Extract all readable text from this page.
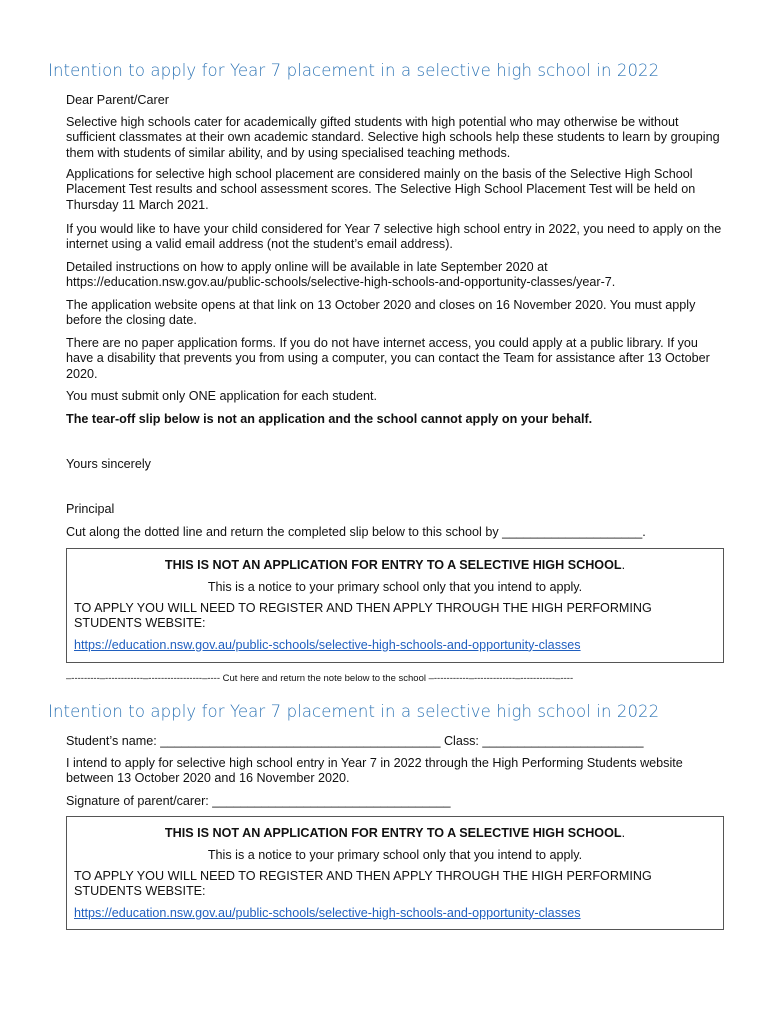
Intention to apply for Year 7 placement in a selective high school in 2022

Dear Parent/Carer

Selective high schools cater for academically gifted students with high potential who may otherwise be without sufficient classmates at their own academic standard. Selective high schools help these students to learn by grouping them with students of similar ability, and by using specialised teaching methods.

Applications for selective high school placement are considered mainly on the basis of the Selective High School Placement Test results and school assessment scores. The Selective High School Placement Test will be held on Thursday 11 March 2021.

If you would like to have your child considered for Year 7 selective high school entry in 2022, you need to apply on the internet using a valid email address (not the student’s email address).

Detailed instructions on how to apply online will be available in late September 2020 at https://education.nsw.gov.au/public-schools/selective-high-schools-and-opportunity-classes/year-7.

The application website opens at that link on 13 October 2020 and closes on 16 November 2020. You must apply before the closing date.

There are no paper application forms. If you do not have internet access, you could apply at a public library. If you have a disability that prevents you from using a computer, you can contact the Team for assistance after 13 October 2020.

You must submit only ONE application for each student.

The tear-off slip below is not an application and the school cannot apply on your behalf.

Yours sincerely

Principal

Cut along the dotted line and return the completed slip below to this school by ____________________.

THIS IS NOT AN APPLICATION FOR ENTRY TO A SELECTIVE HIGH SCHOOL.
This is a notice to your primary school only that you intend to apply.
TO APPLY YOU WILL NEED TO REGISTER AND THEN APPLY THROUGH THE HIGH PERFORMING STUDENTS WEBSITE:
https://education.nsw.gov.au/public-schools/selective-high-schools-and-opportunity-classes
–---------–------------–-----------------–---- Cut here and return the note below to the school –-----------–-------------–-----------–----
Intention to apply for Year 7 placement in a selective high school in 2022

Student’s name: ________________________________________ Class: _______________________

I intend to apply for selective high school entry in Year 7 in 2022 through the High Performing Students website between 13 October 2020 and 16 November 2020.

Signature of parent/carer: __________________________________

THIS IS NOT AN APPLICATION FOR ENTRY TO A SELECTIVE HIGH SCHOOL.
This is a notice to your primary school only that you intend to apply.
TO APPLY YOU WILL NEED TO REGISTER AND THEN APPLY THROUGH THE HIGH PERFORMING STUDENTS WEBSITE:
https://education.nsw.gov.au/public-schools/selective-high-schools-and-opportunity-classes
